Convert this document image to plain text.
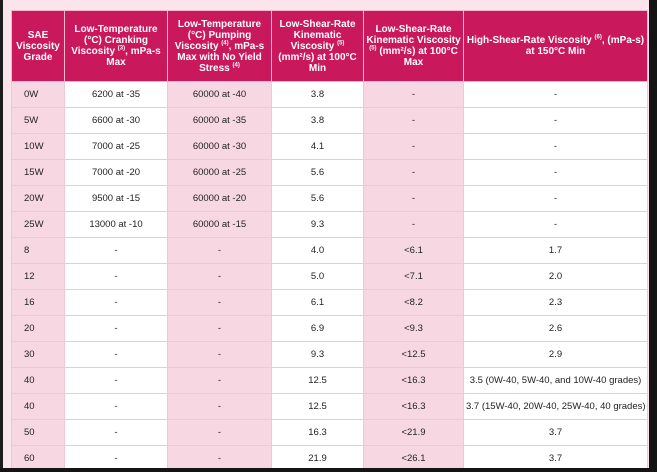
SAE Viscosity Grade	Low-Temperature (°C) Cranking Viscosity $^{(3)}$, mPa-s Max	Low-Temperature (°C) Pumping Viscosity $^{(4)}$, mPa-s Max with No Yield Stress $^{(4)}$	Low-Shear-Rate Kinematic Viscosity $^{(5)}$ (mm²/s) at 100°C Min	Low-Shear-Rate Kinematic Viscosity $^{(5)}$ (mm²/s) at 100°C Max	High-Shear-Rate Viscosity $^{(6)}$, (mPa-s) at 150°C Min
0W	6200 at -35	60000 at -40	3.8	-	-
5W	6600 at -30	60000 at -35	3.8	-	-
10W	7000 at -25	60000 at -30	4.1	-	-
15W	7000 at -20	60000 at -25	5.6	-	-
20W	9500 at -15	60000 at -20	5.6	-	-
25W	13000 at -10	60000 at -15	9.3	-	-
8	-	-	4.0	<6.1	1.7
12	-	-	5.0	<7.1	2.0
16	-	-	6.1	<8.2	2.3
20	-	-	6.9	<9.3	2.6
30	-	-	9.3	<12.5	2.9
40	-	-	12.5	<16.3	3.5 (0W-40, 5W-40, and 10W-40 grades)
40	-	-	12.5	<16.3	3.7 (15W-40, 20W-40, 25W-40, 40 grades)
50	-	-	16.3	<21.9	3.7
60	-	-	21.9	<26.1	3.7
